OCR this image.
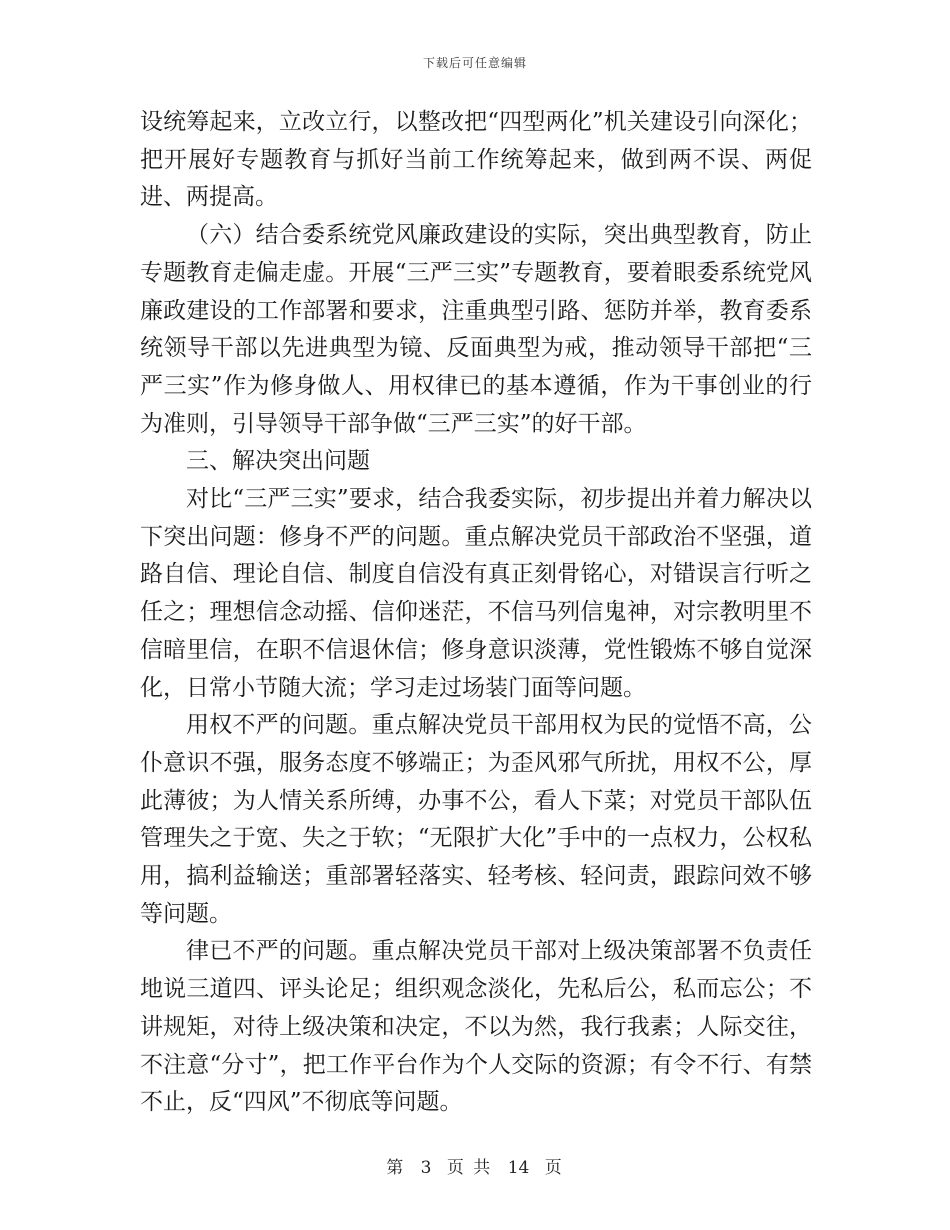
下载后可任意编辑

设统筹起来，立改立行，以整改把“四型两化”机关建设引向深化；把开展好专题教育与抓好当前工作统筹起来，做到两不误、两促进、两提高。

（六）结合委系统党风廉政建设的实际，突出典型教育，防止专题教育走偏走虚。开展“三严三实”专题教育，要着眼委系统党风廉政建设的工作部署和要求，注重典型引路、惩防并举，教育委系统领导干部以先进典型为镜、反面典型为戒，推动领导干部把“三严三实”作为修身做人、用权律已的基本遵循，作为干事创业的行为准则，引导领导干部争做“三严三实”的好干部。

三、解决突出问题

对比“三严三实”要求，结合我委实际，初步提出并着力解决以下突出问题：修身不严的问题。重点解决党员干部政治不坚强，道路自信、理论自信、制度自信没有真正刻骨铭心，对错误言行听之任之；理想信念动摇、信仰迷茫，不信马列信鬼神，对宗教明里不信暗里信，在职不信退休信；修身意识淡薄，党性锻炼不够自觉深化，日常小节随大流；学习走过场装门面等问题。

用权不严的问题。重点解决党员干部用权为民的觉悟不高，公仆意识不强，服务态度不够端正；为歪风邪气所扰，用权不公，厚此薄彼；为人情关系所缚，办事不公，看人下菜；对党员干部队伍管理失之于宽、失之于软；“无限扩大化”手中的一点权力，公权私用，搞利益输送；重部署轻落实、轻考核、轻问责，跟踪问效不够等问题。

律已不严的问题。重点解决党员干部对上级决策部署不负责任地说三道四、评头论足；组织观念淡化，先私后公，私而忘公；不讲规矩，对待上级决策和决定，不以为然，我行我素；人际交往，不注意“分寸”，把工作平台作为个人交际的资源；有令不行、有禁不止，反“四风”不彻底等问题。

第 3 页 共 14 页
